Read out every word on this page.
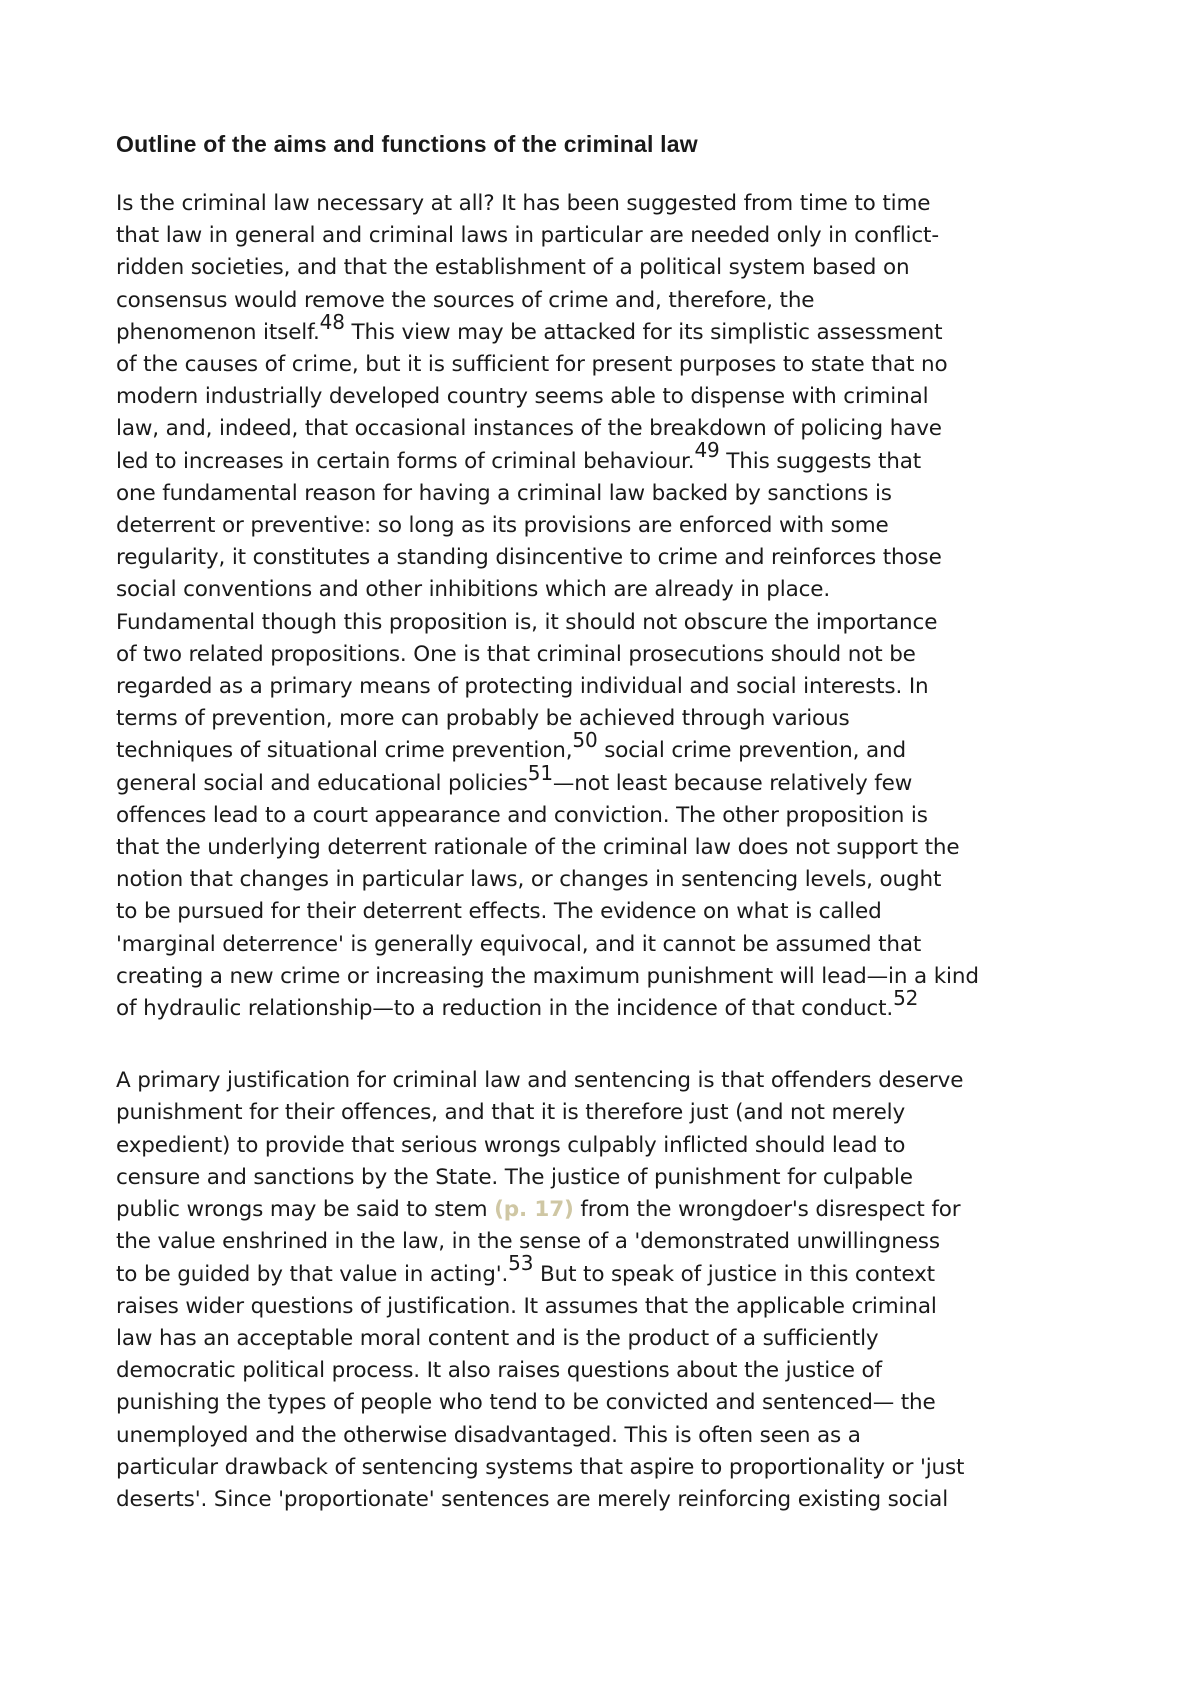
Outline of the aims and functions of the criminal law

Is the criminal law necessary at all? It has been suggested from time to time
that law in general and criminal laws in particular are needed only in conflict-
ridden societies, and that the establishment of a political system based on
consensus would remove the sources of crime and, therefore, the
phenomenon itself.$^{48}$ This view may be attacked for its simplistic assessment
of the causes of crime, but it is sufficient for present purposes to state that no
modern industrially developed country seems able to dispense with criminal
law, and, indeed, that occasional instances of the breakdown of policing have
led to increases in certain forms of criminal behaviour.$^{49}$ This suggests that
one fundamental reason for having a criminal law backed by sanctions is
deterrent or preventive: so long as its provisions are enforced with some
regularity, it constitutes a standing disincentive to crime and reinforces those
social conventions and other inhibitions which are already in place.
Fundamental though this proposition is, it should not obscure the importance
of two related propositions. One is that criminal prosecutions should not be
regarded as a primary means of protecting individual and social interests. In
terms of prevention, more can probably be achieved through various
techniques of situational crime prevention,$^{50}$ social crime prevention, and
general social and educational policies$^{51}$—not least because relatively few
offences lead to a court appearance and conviction. The other proposition is
that the underlying deterrent rationale of the criminal law does not support the
notion that changes in particular laws, or changes in sentencing levels, ought
to be pursued for their deterrent effects. The evidence on what is called
'marginal deterrence' is generally equivocal, and it cannot be assumed that
creating a new crime or increasing the maximum punishment will lead—in a kind
of hydraulic relationship—to a reduction in the incidence of that conduct.$^{52}$

A primary justification for criminal law and sentencing is that offenders deserve
punishment for their offences, and that it is therefore just (and not merely
expedient) to provide that serious wrongs culpably inflicted should lead to
censure and sanctions by the State. The justice of punishment for culpable
public wrongs may be said to stem (p. 17) from the wrongdoer's disrespect for
the value enshrined in the law, in the sense of a 'demonstrated unwillingness
to be guided by that value in acting'.$^{53}$ But to speak of justice in this context
raises wider questions of justification. It assumes that the applicable criminal
law has an acceptable moral content and is the product of a sufficiently
democratic political process. It also raises questions about the justice of
punishing the types of people who tend to be convicted and sentenced— the
unemployed and the otherwise disadvantaged. This is often seen as a
particular drawback of sentencing systems that aspire to proportionality or 'just
deserts'. Since 'proportionate' sentences are merely reinforcing existing social
